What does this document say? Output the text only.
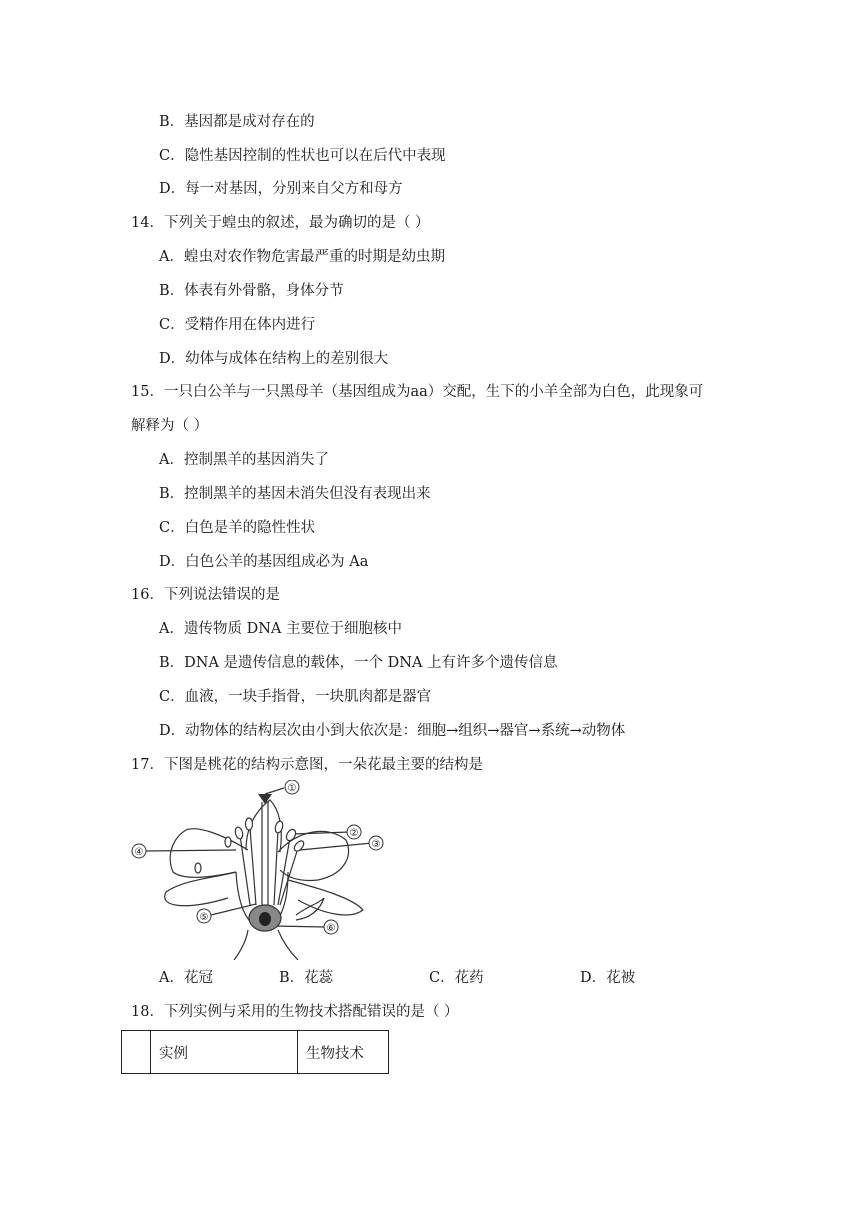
B．基因都是成对存在的
C．隐性基因控制的性状也可以在后代中表现
D．每一对基因，分别来自父方和母方
14．下列关于蝗虫的叙述，最为确切的是（ ）
A．蝗虫对农作物危害最严重的时期是幼虫期
B．体表有外骨骼，身体分节
C．受精作用在体内进行
D．幼体与成体在结构上的差别很大
15．一只白公羊与一只黑母羊（基因组成为aa）交配，生下的小羊全部为白色，此现象可
解释为（ ）
A．控制黑羊的基因消失了
B．控制黑羊的基因未消失但没有表现出来
C．白色是羊的隐性性状
D．白色公羊的基因组成必为 Aa
16．下列说法错误的是
A．遗传物质 DNA 主要位于细胞核中
B．DNA 是遗传信息的载体，一个 DNA 上有许多个遗传信息
C．血液，一块手指骨，一块肌肉都是器官
D．动物体的结构层次由小到大依次是：细胞→组织→器官→系统→动物体
17．下图是桃花的结构示意图，一朵花最主要的结构是
①
②
③
④
⑤
⑥
A．花冠	B．花蕊	C．花药	D．花被
18．下列实例与采用的生物技术搭配错误的是（ ）
	实例	生物技术
